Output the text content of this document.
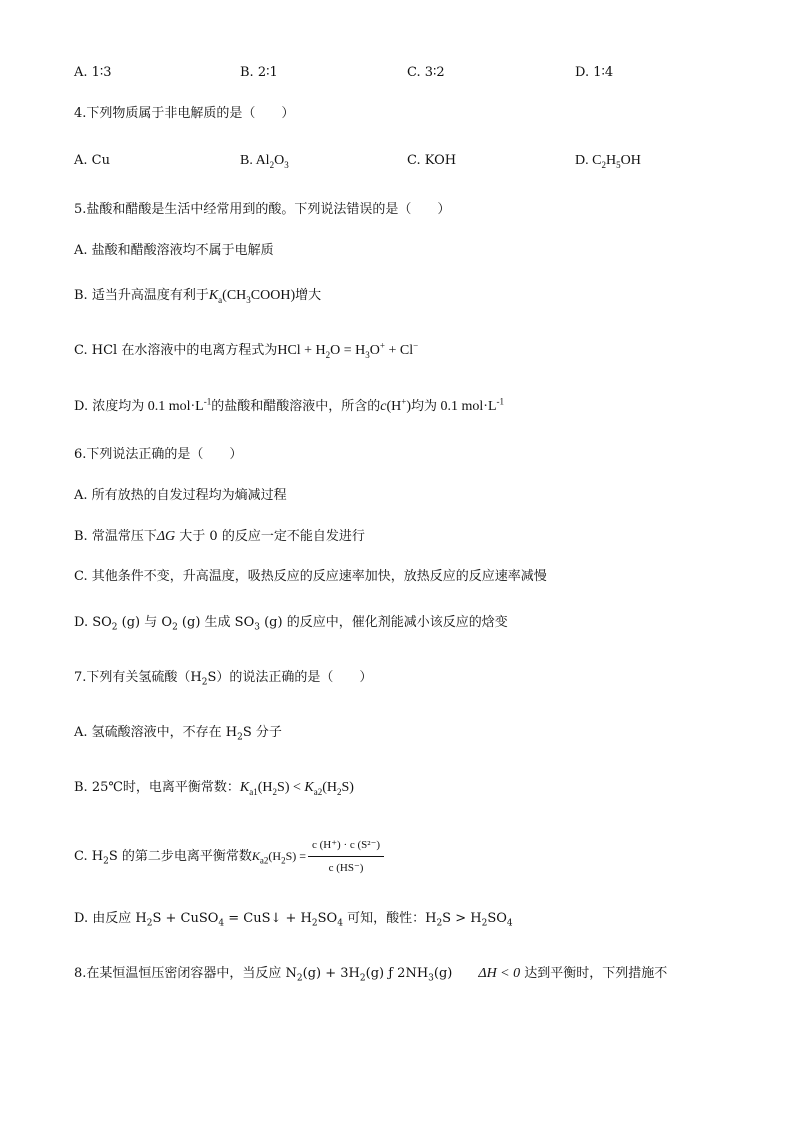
A. 1∶3	B. 2∶1	C. 3∶2	D. 1∶4
4.下列物质属于非电解质的是（　　）
A. Cu	B. $Al_2O_3$	C. KOH	D. $C_2H_5OH$
5.盐酸和醋酸是生活中经常用到的酸。下列说法错误的是（　　）
A. 盐酸和醋酸溶液均不属于电解质
B. 适当升高温度有利于$K_a(CH_3COOH)$增大
C. HCl 在水溶液中的电离方程式为HCl + $H_2O = H_3O^+ + Cl^-$
D. 浓度均为 0.1 $mol\cdot L^{-1}$的盐酸和醋酸溶液中，所含的c(H+)均为 0.1 $mol\cdot L^{-1}$
6.下列说法正确的是（　　）
A. 所有放热的自发过程均为熵减过程
B. 常温常压下ΔG 大于 0 的反应一定不能自发进行
C. 其他条件不变，升高温度，吸热反应的反应速率加快，放热反应的反应速率减慢
D. $SO_2$ (g) 与 $O_2$ (g) 生成 $SO_3$ (g) 的反应中，催化剂能减小该反应的焓变
7.下列有关氢硫酸$(H_2S)$的说法正确的是（　　）
A. 氢硫酸溶液中，不存在 $H_2S$ 分子
B. 25℃时，电离平衡常数：$K_{a1}(H_2S) < K_{a2}(H_2S)$
C. $H_2S$ 的第二步电离平衡常数$K_{a2}(H_2S) = \frac{\text{c (H⁺) · c (S²⁻)}}{c (HS^-)}$
D. 由反应 $H_2S$ + CuSO$_4$ = CuS↓ + $H_2SO_4$ 可知，酸性：$H_2S > H_2SO_4$
8.在某恒温恒压密闭容器中，当反应 $N_2(g) + 3H_2(g)$ ƒ $2NH_3(g) \Delta H < 0$ 达到平衡时，下列措施不
